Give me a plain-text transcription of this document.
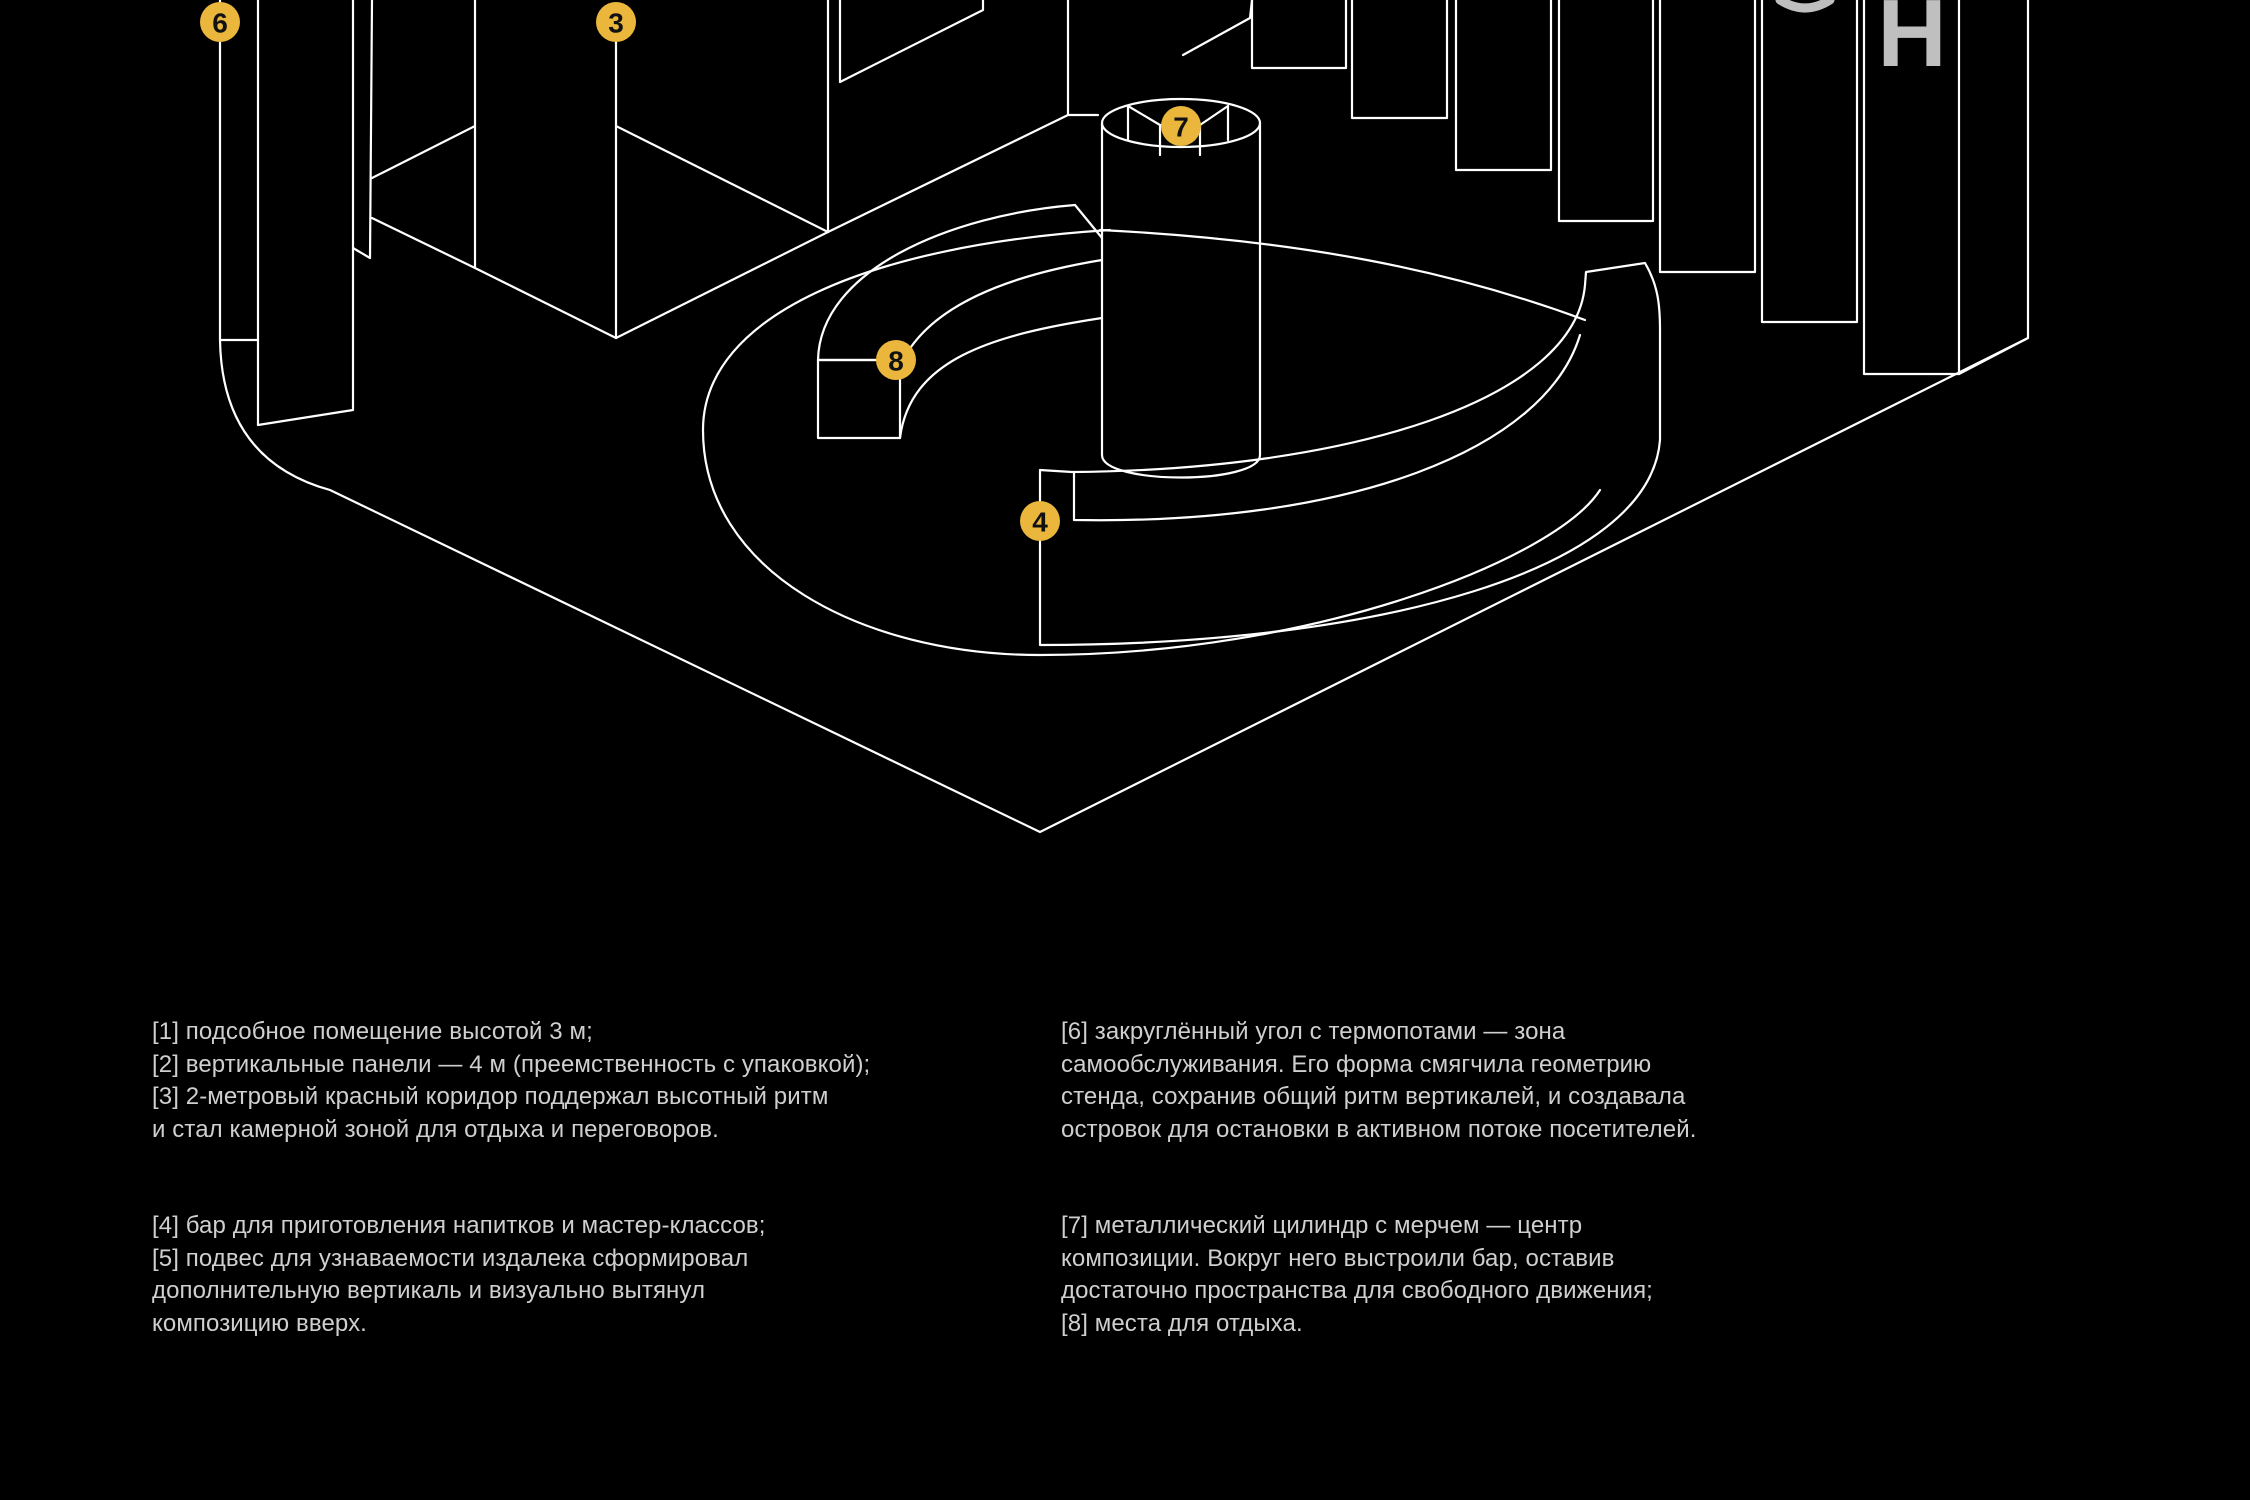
Н
6	3
7
8
4
[1] подсобное помещение высотой 3 м;
[2] вертикальные панели — 4 м (преемственность с упаковкой);
[3] 2-метровый красный коридор поддержал высотный ритм
и стал камерной зоной для отдыха и переговоров.
[6] закруглённый угол с термопотами — зона
самообслуживания. Его форма смягчила геометрию
стенда, сохранив общий ритм вертикалей, и создавала
островок для остановки в активном потоке посетителей.
[4] бар для приготовления напитков и мастер-классов;
[5] подвес для узнаваемости издалека сформировал
дополнительную вертикаль и визуально вытянул
композицию вверх.
[7] металлический цилиндр с мерчем — центр
композиции. Вокруг него выстроили бар, оставив
достаточно пространства для свободного движения;
[8] места для отдыха.
